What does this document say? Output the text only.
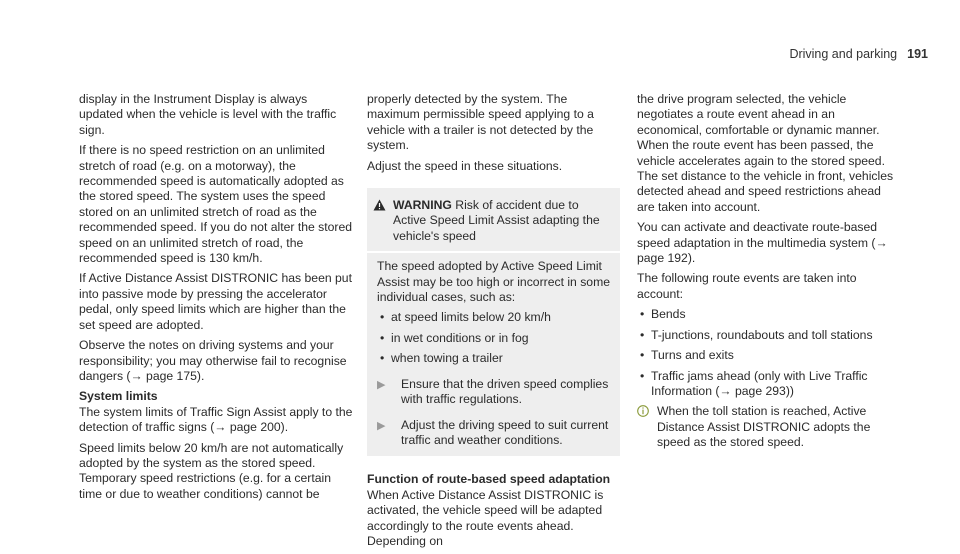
Driving and parking 191

display in the Instrument Display is always updated when the vehicle is level with the traffic sign.

If there is no speed restriction on an unlimited stretch of road (e.g. on a motorway), the recommended speed is automatically adopted as the stored speed. The system uses the speed stored on an unlimited stretch of road as the recommended speed. If you do not alter the stored speed on an unlimited stretch of road, the recommended speed is 130 km/h.

If Active Distance Assist DISTRONIC has been put into passive mode by pressing the accelerator pedal, only speed limits which are higher than the set speed are adopted.

Observe the notes on driving systems and your responsibility; you may otherwise fail to recognise dangers (→ page 175).

System limits

The system limits of Traffic Sign Assist apply to the detection of traffic signs (→ page 200).

Speed limits below 20 km/h are not automatically adopted by the system as the stored speed. Temporary speed restrictions (e.g. for a certain time or due to weather conditions) cannot be

properly detected by the system. The maximum permissible speed applying to a vehicle with a trailer is not detected by the system.

Adjust the speed in these situations.

WARNING Risk of accident due to Active Speed Limit Assist adapting the vehicle's speed

The speed adopted by Active Speed Limit Assist may be too high or incorrect in some individual cases, such as:

• at speed limits below 20 km/h
• in wet conditions or in fog
• when towing a trailer
▶	Ensure that the driven speed complies with traffic regulations.
▶	Adjust the driving speed to suit current traffic and weather conditions.
Function of route-based speed adaptation

When Active Distance Assist DISTRONIC is activated, the vehicle speed will be adapted accordingly to the route events ahead. Depending on

the drive program selected, the vehicle negotiates a route event ahead in an economical, comfortable or dynamic manner. When the route event has been passed, the vehicle accelerates again to the stored speed. The set distance to the vehicle in front, vehicles detected ahead and speed restrictions ahead are taken into account.

You can activate and deactivate route-based speed adaptation in the multimedia system (→ page 192).

The following route events are taken into account:

• Bends
• T-junctions, roundabouts and toll stations
• Turns and exits
• Traffic jams ahead (only with Live Traffic Information (→ page 293))
When the toll station is reached, Active Distance Assist DISTRONIC adopts the speed as the stored speed.
